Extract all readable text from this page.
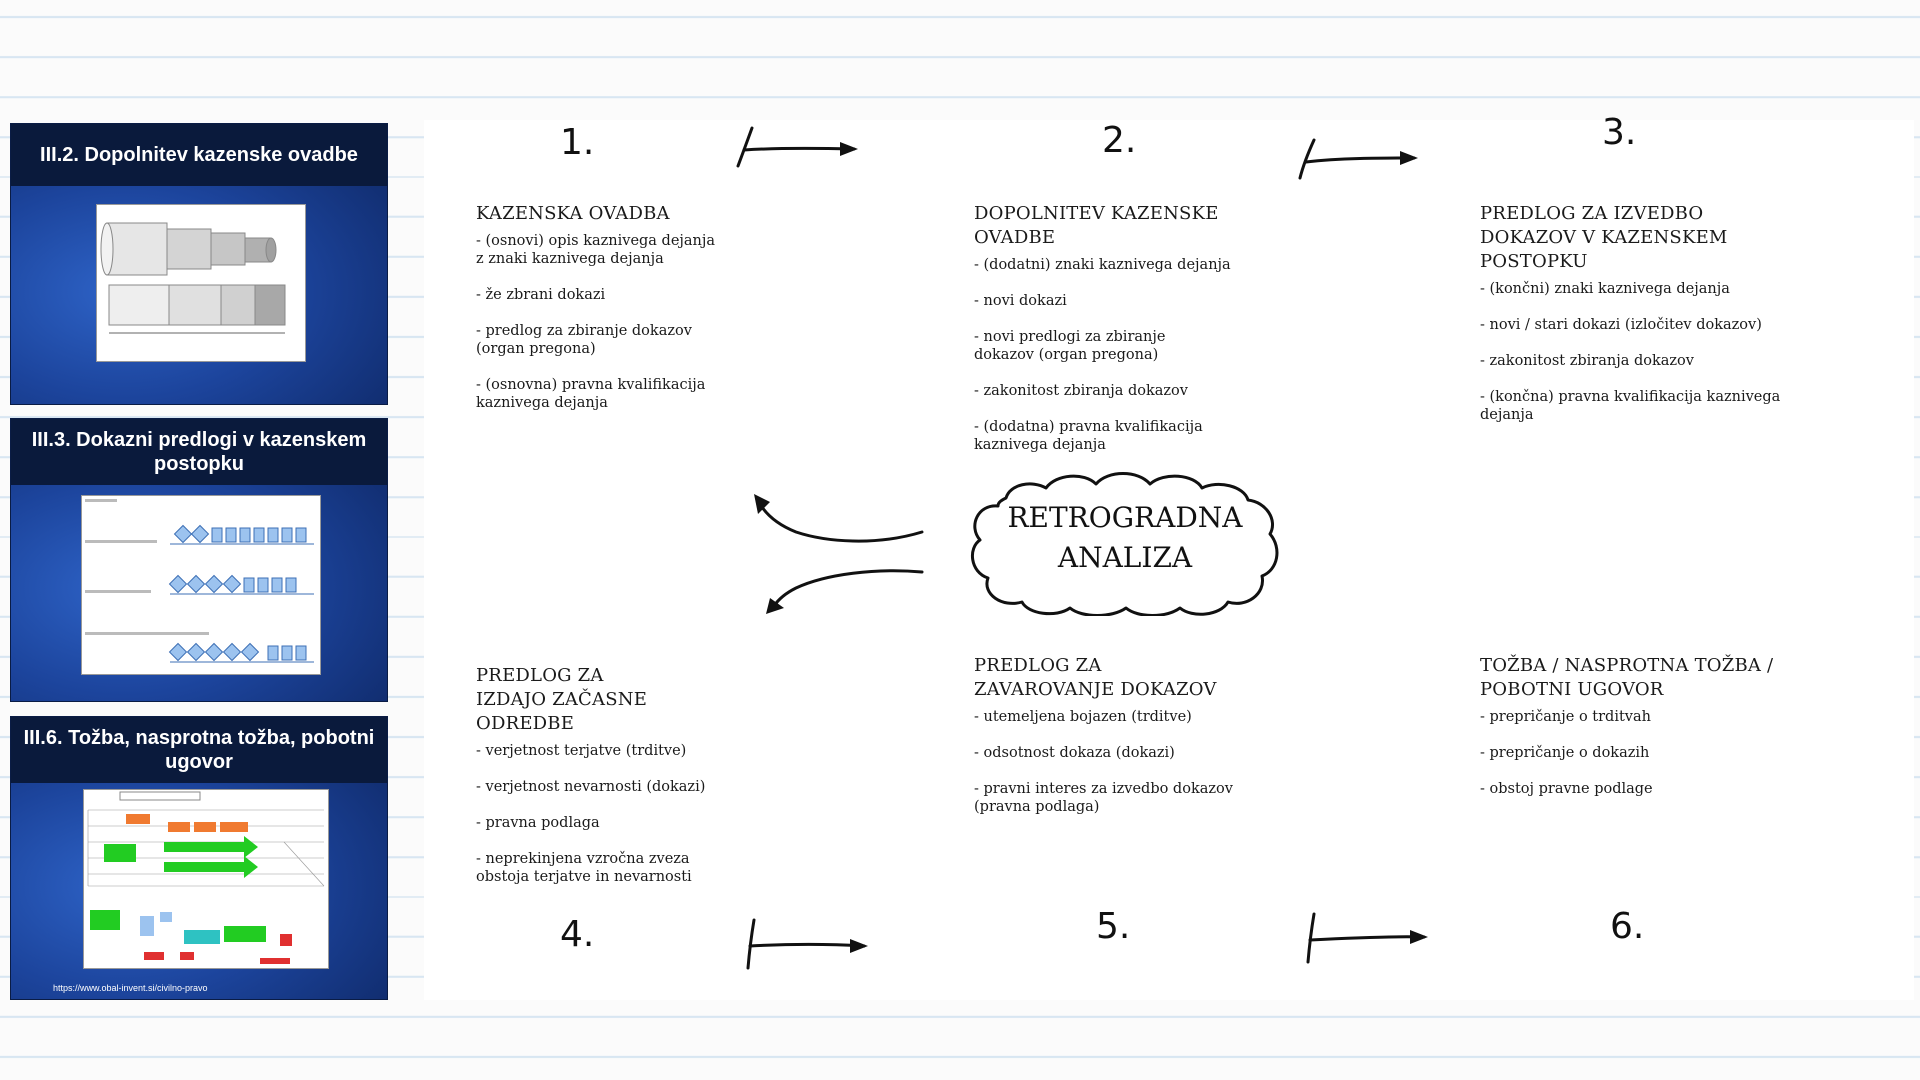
III.2. Dopolnitev kazenske ovadbe
III.3. Dokazni predlogi v kazenskem postopku
III.6. Tožba, nasprotna tožba, pobotni ugovor
https://www.obal-invent.si/civilno-pravo
1.	2.	3.
4.	5.	6.
RETROGRADNA
ANALIZA
KAZENSKA OVADBA
- (osnovi) opis kaznivega dejanja z znaki kaznivega dejanja
- že zbrani dokazi
- predlog za zbiranje dokazov (organ pregona)
- (osnovna) pravna kvalifikacija kaznivega dejanja
DOPOLNITEV KAZENSKE OVADBE
- (dodatni) znaki kaznivega dejanja
- novi dokazi
- novi predlogi za zbiranje dokazov (organ pregona)
- zakonitost zbiranja dokazov
- (dodatna) pravna kvalifikacija kaznivega dejanja
PREDLOG ZA IZVEDBO DOKAZOV V KAZENSKEM POSTOPKU
- (končni) znaki kaznivega dejanja
- novi / stari dokazi (izločitev dokazov)
- zakonitost zbiranja dokazov
- (končna) pravna kvalifikacija kaznivega dejanja
PREDLOG ZA IZDAJO ZAČASNE ODREDBE
- verjetnost terjatve (trditve)
- verjetnost nevarnosti (dokazi)
- pravna podlaga
- neprekinjena vzročna zveza obstoja terjatve in nevarnosti
PREDLOG ZA ZAVAROVANJE DOKAZOV
- utemeljena bojazen (trditve)
- odsotnost dokaza (dokazi)
- pravni interes za izvedbo dokazov (pravna podlaga)
TOŽBA / NASPROTNA TOŽBA / POBOTNI UGOVOR
- prepričanje o trditvah
- prepričanje o dokazih
- obstoj pravne podlage
